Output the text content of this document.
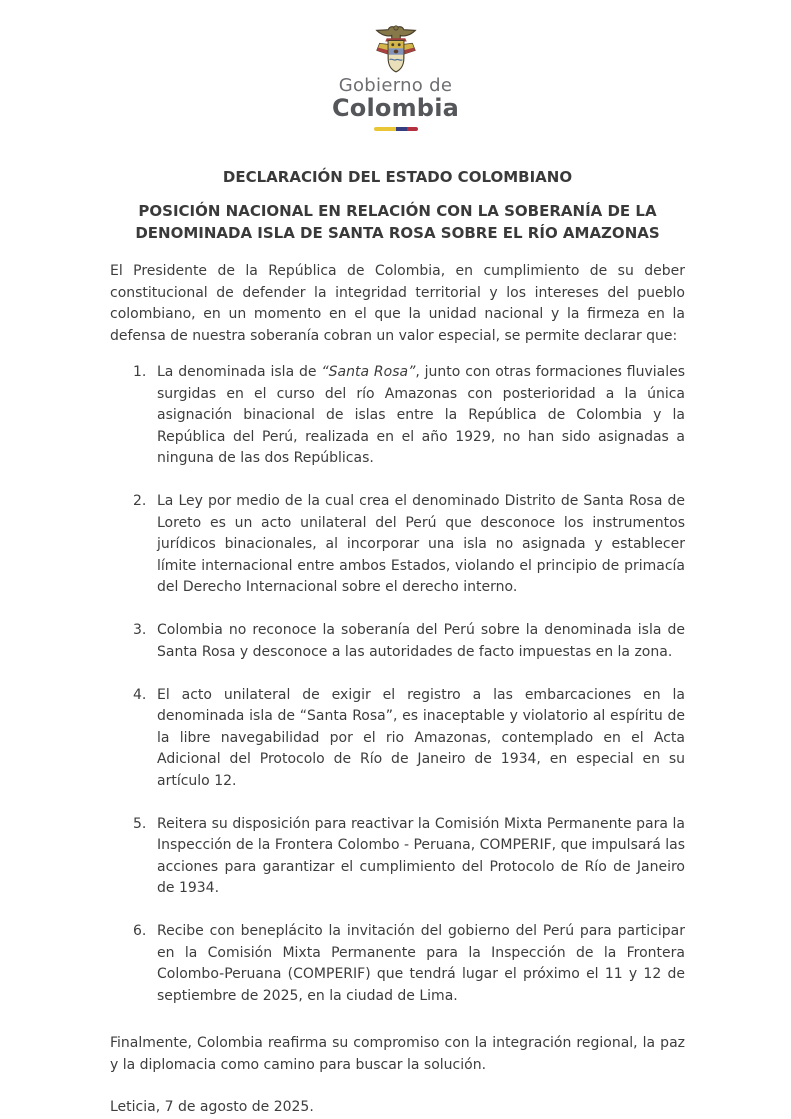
Gobierno de
Colombia
DECLARACIÓN DEL ESTADO COLOMBIANO
POSICIÓN NACIONAL EN RELACIÓN CON LA SOBERANÍA DE LA
DENOMINADA ISLA DE SANTA ROSA SOBRE EL RÍO AMAZONAS

El Presidente de la República de Colombia, en cumplimiento de su deber constitucional de defender la integridad territorial y los intereses del pueblo colombiano, en un momento en el que la unidad nacional y la firmeza en la defensa de nuestra soberanía cobran un valor especial, se permite declarar que:

1. La denominada isla de “Santa Rosa”, junto con otras formaciones fluviales surgidas en el curso del río Amazonas con posterioridad a la única asignación binacional de islas entre la República de Colombia y la República del Perú, realizada en el año 1929, no han sido asignadas a ninguna de las dos Repúblicas.
2. La Ley por medio de la cual crea el denominado Distrito de Santa Rosa de Loreto es un acto unilateral del Perú que desconoce los instrumentos jurídicos binacionales, al incorporar una isla no asignada y establecer límite internacional entre ambos Estados, violando el principio de primacía del Derecho Internacional sobre el derecho interno.
3. Colombia no reconoce la soberanía del Perú sobre la denominada isla de Santa Rosa y desconoce a las autoridades de facto impuestas en la zona.
4. El acto unilateral de exigir el registro a las embarcaciones en la denominada isla de “Santa Rosa”, es inaceptable y violatorio al espíritu de la libre navegabilidad por el rio Amazonas, contemplado en el Acta Adicional del Protocolo de Río de Janeiro de 1934, en especial en su artículo 12.
5. Reitera su disposición para reactivar la Comisión Mixta Permanente para la Inspección de la Frontera Colombo - Peruana, COMPERIF, que impulsará las acciones para garantizar el cumplimiento del Protocolo de Río de Janeiro de 1934.
6. Recibe con beneplácito la invitación del gobierno del Perú para participar en la Comisión Mixta Permanente para la Inspección de la Frontera Colombo-Peruana (COMPERIF) que tendrá lugar el próximo el 11 y 12 de septiembre de 2025, en la ciudad de Lima.

Finalmente, Colombia reafirma su compromiso con la integración regional, la paz y la diplomacia como camino para buscar la solución.

Leticia, 7 de agosto de 2025.
